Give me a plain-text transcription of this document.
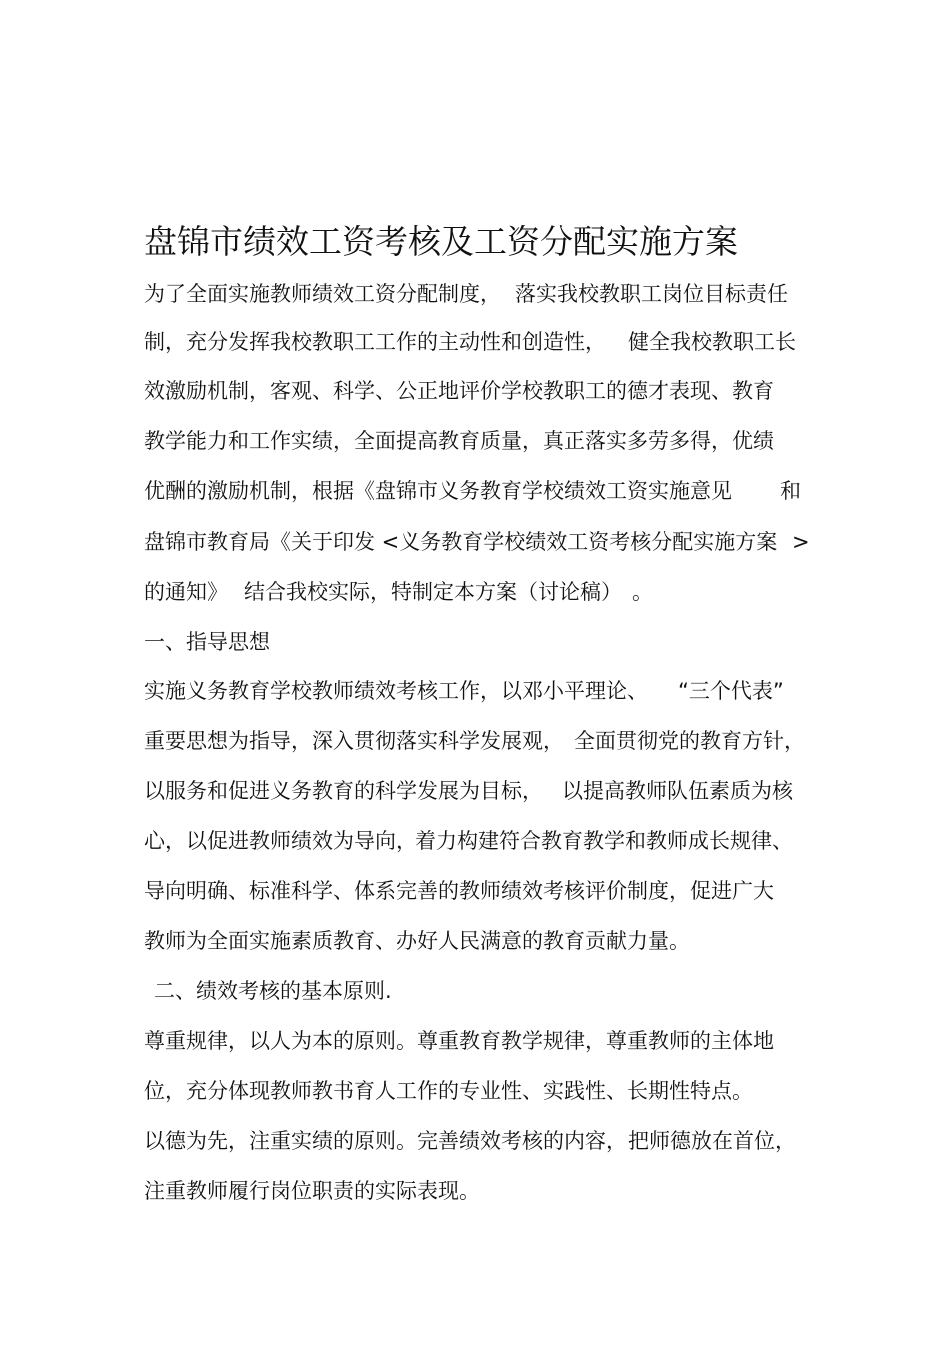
盘锦市绩效工资考核及工资分配实施方案
为了全面实施教师绩效工资分配制度， 落实我校教职工岗位目标责任
制，充分发挥我校教职工工作的主动性和创造性， 健全我校教职工长
效激励机制，客观、科学、公正地评价学校教职工的德才表现、教育
教学能力和工作实绩，全面提高教育质量，真正落实多劳多得，优绩
优酬的激励机制，根据《盘锦市义务教育学校绩效工资实施意见 和
盘锦市教育局《关于印发 <义务教育学校绩效工资考核分配实施方案 >
的通知》 结合我校实际，特制定本方案（讨论稿） 。
一、指导思想
实施义务教育学校教师绩效考核工作，以邓小平理论、 “三个代表”
重要思想为指导，深入贯彻落实科学发展观， 全面贯彻党的教育方针，
以服务和促进义务教育的科学发展为目标， 以提高教师队伍素质为核
心，以促进教师绩效为导向，
着力构建符合教育教学和教师成长规律、
导向明确、标准科学、体系完善的教师绩效考核评价制度，促进广大
教师为全面实施素质教育、办好人民满意的教育贡献力量。
二、绩效考核的基本原则.
尊重规律，以人为本的原则。尊重教育教学规律，尊重教师的主体地
位，充分体现教师教书育人工作的专业性、实践性、长期性特点。
以德为先，注重实绩的原则。完善绩效考核的内容， 把师德放在首位，
注重教师履行岗位职责的实际表现。
